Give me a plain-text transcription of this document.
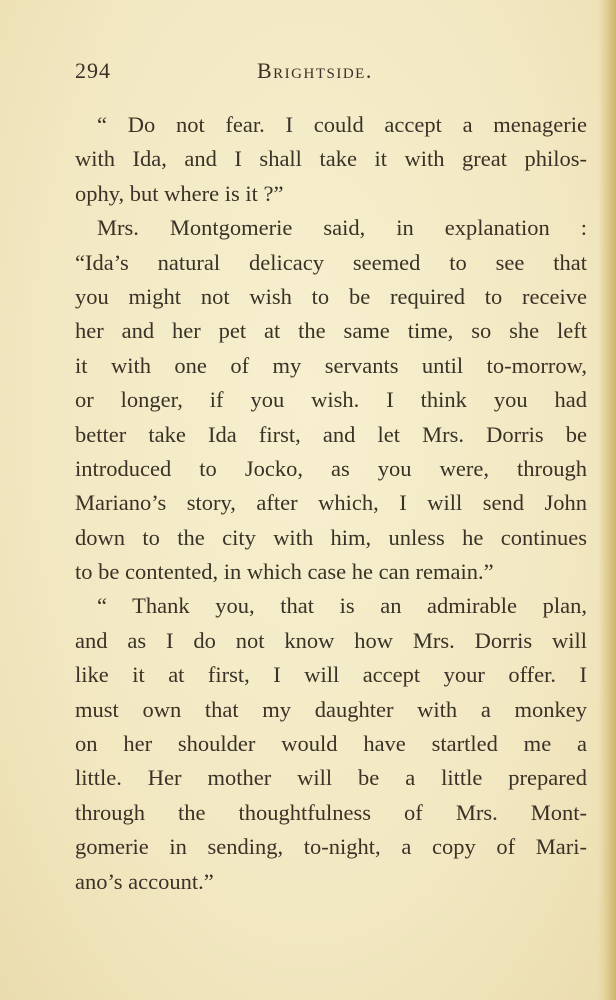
294	Brightside.
“ Do not fear. I could accept a menagerie
with Ida, and I shall take it with great philos-
ophy, but where is it ?”
Mrs. Montgomerie said, in explanation :
“Ida’s natural delicacy seemed to see that
you might not wish to be required to receive
her and her pet at the same time, so she left
it with one of my servants until to-morrow,
or longer, if you wish. I think you had
better take Ida first, and let Mrs. Dorris be
introduced to Jocko, as you were, through
Mariano’s story, after which, I will send John
down to the city with him, unless he continues
to be contented, in which case he can remain.”
“ Thank you, that is an admirable plan,
and as I do not know how Mrs. Dorris will
like it at first, I will accept your offer. I
must own that my daughter with a monkey
on her shoulder would have startled me a
little. Her mother will be a little prepared
through the thoughtfulness of Mrs. Mont-
gomerie in sending, to-night, a copy of Mari-
ano’s account.”
